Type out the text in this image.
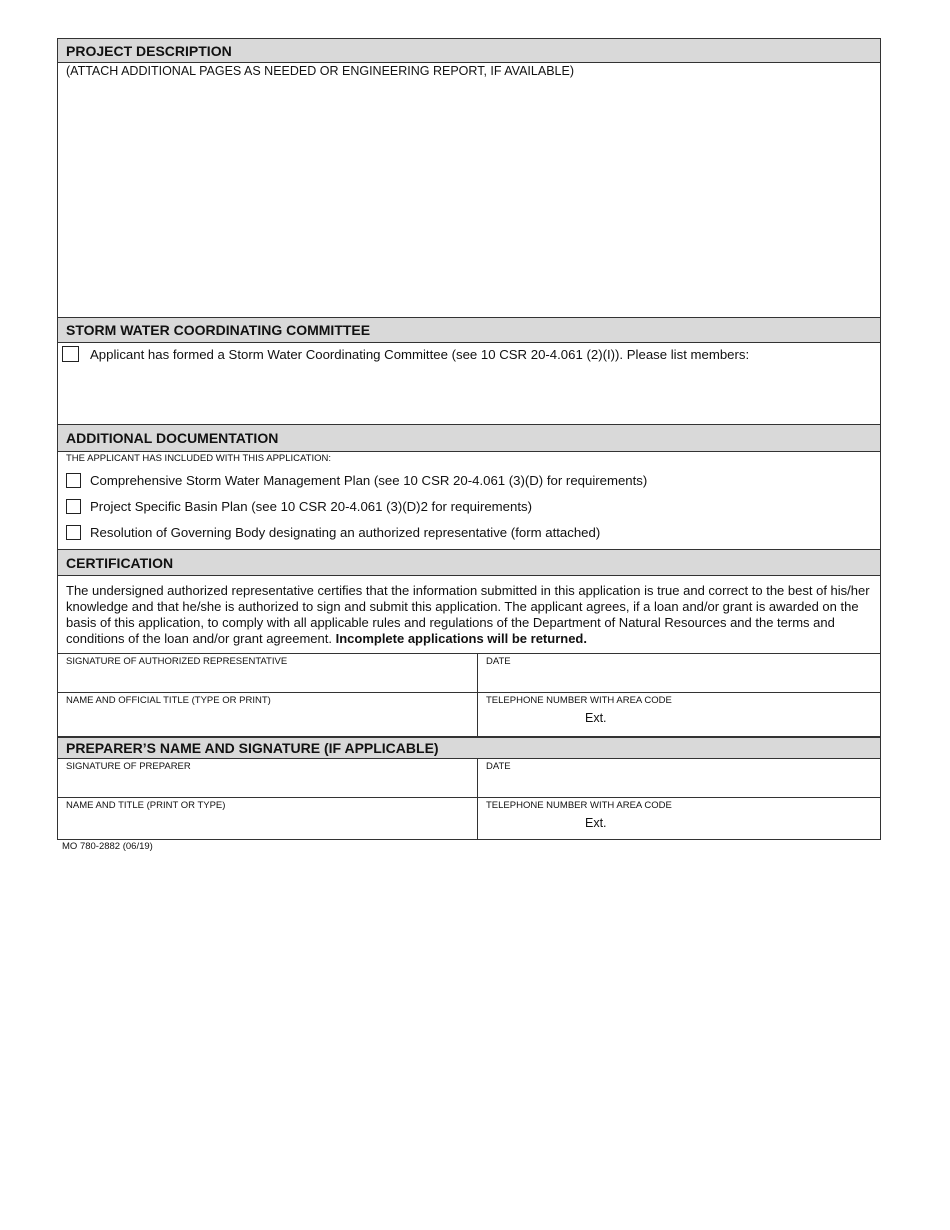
PROJECT DESCRIPTION
(ATTACH ADDITIONAL PAGES AS NEEDED OR ENGINEERING REPORT, IF AVAILABLE)
STORM WATER COORDINATING COMMITTEE
Applicant has formed a Storm Water Coordinating Committee (see 10 CSR 20-4.061 (2)(I)). Please list members:
ADDITIONAL DOCUMENTATION
THE APPLICANT HAS INCLUDED WITH THIS APPLICATION:
Comprehensive Storm Water Management Plan (see 10 CSR 20-4.061 (3)(D) for requirements)
Project Specific Basin Plan (see 10 CSR 20-4.061 (3)(D)2 for requirements)
Resolution of Governing Body designating an authorized representative (form attached)
CERTIFICATION
The undersigned authorized representative certifies that the information submitted in this application is true and correct to the best of his/her knowledge and that he/she is authorized to sign and submit this application. The applicant agrees, if a loan and/or grant is awarded on the basis of this application, to comply with all applicable rules and regulations of the Department of Natural Resources and the terms and conditions of the loan and/or grant agreement. Incomplete applications will be returned.
SIGNATURE OF AUTHORIZED REPRESENTATIVE	DATE
NAME AND OFFICIAL TITLE (TYPE OR PRINT)	TELEPHONE NUMBER WITH AREA CODE
Ext.
PREPARER’S NAME AND SIGNATURE (IF APPLICABLE)
SIGNATURE OF PREPARER	DATE
NAME AND TITLE (PRINT OR TYPE)	TELEPHONE NUMBER WITH AREA CODE
Ext.
MO 780-2882 (06/19)
